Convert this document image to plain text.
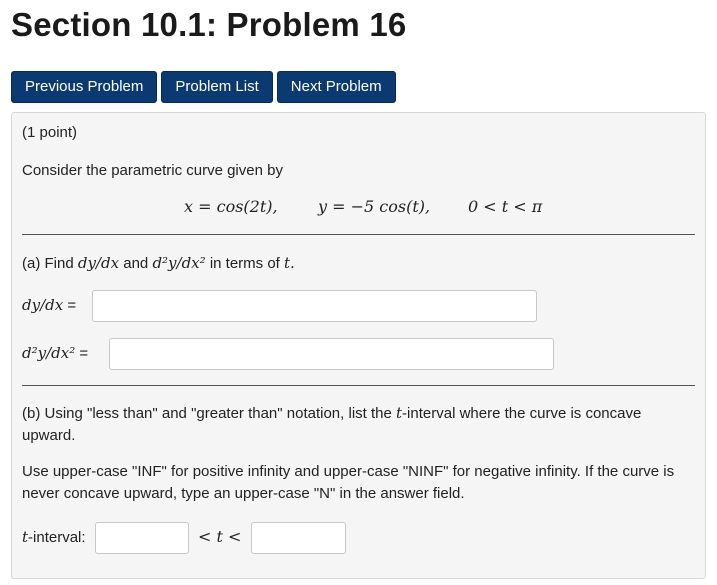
Section 10.1: Problem 16
Previous Problem	Problem List	Next Problem
(1 point)
Consider the parametric curve given by
x = cos(2t),	y = −5 cos(t), 0 < t < π
(a) Find dy/dx and d²y/dx² in terms of t.
dy/dx =
d²y/dx² =
(b) Using "less than" and "greater than" notation, list the t-interval where the curve is concave upward.
Use upper-case "INF" for positive infinity and upper-case "NINF" for negative infinity. If the curve is never concave upward, type an upper-case "N" in the answer field.
t-interval:	< t <
